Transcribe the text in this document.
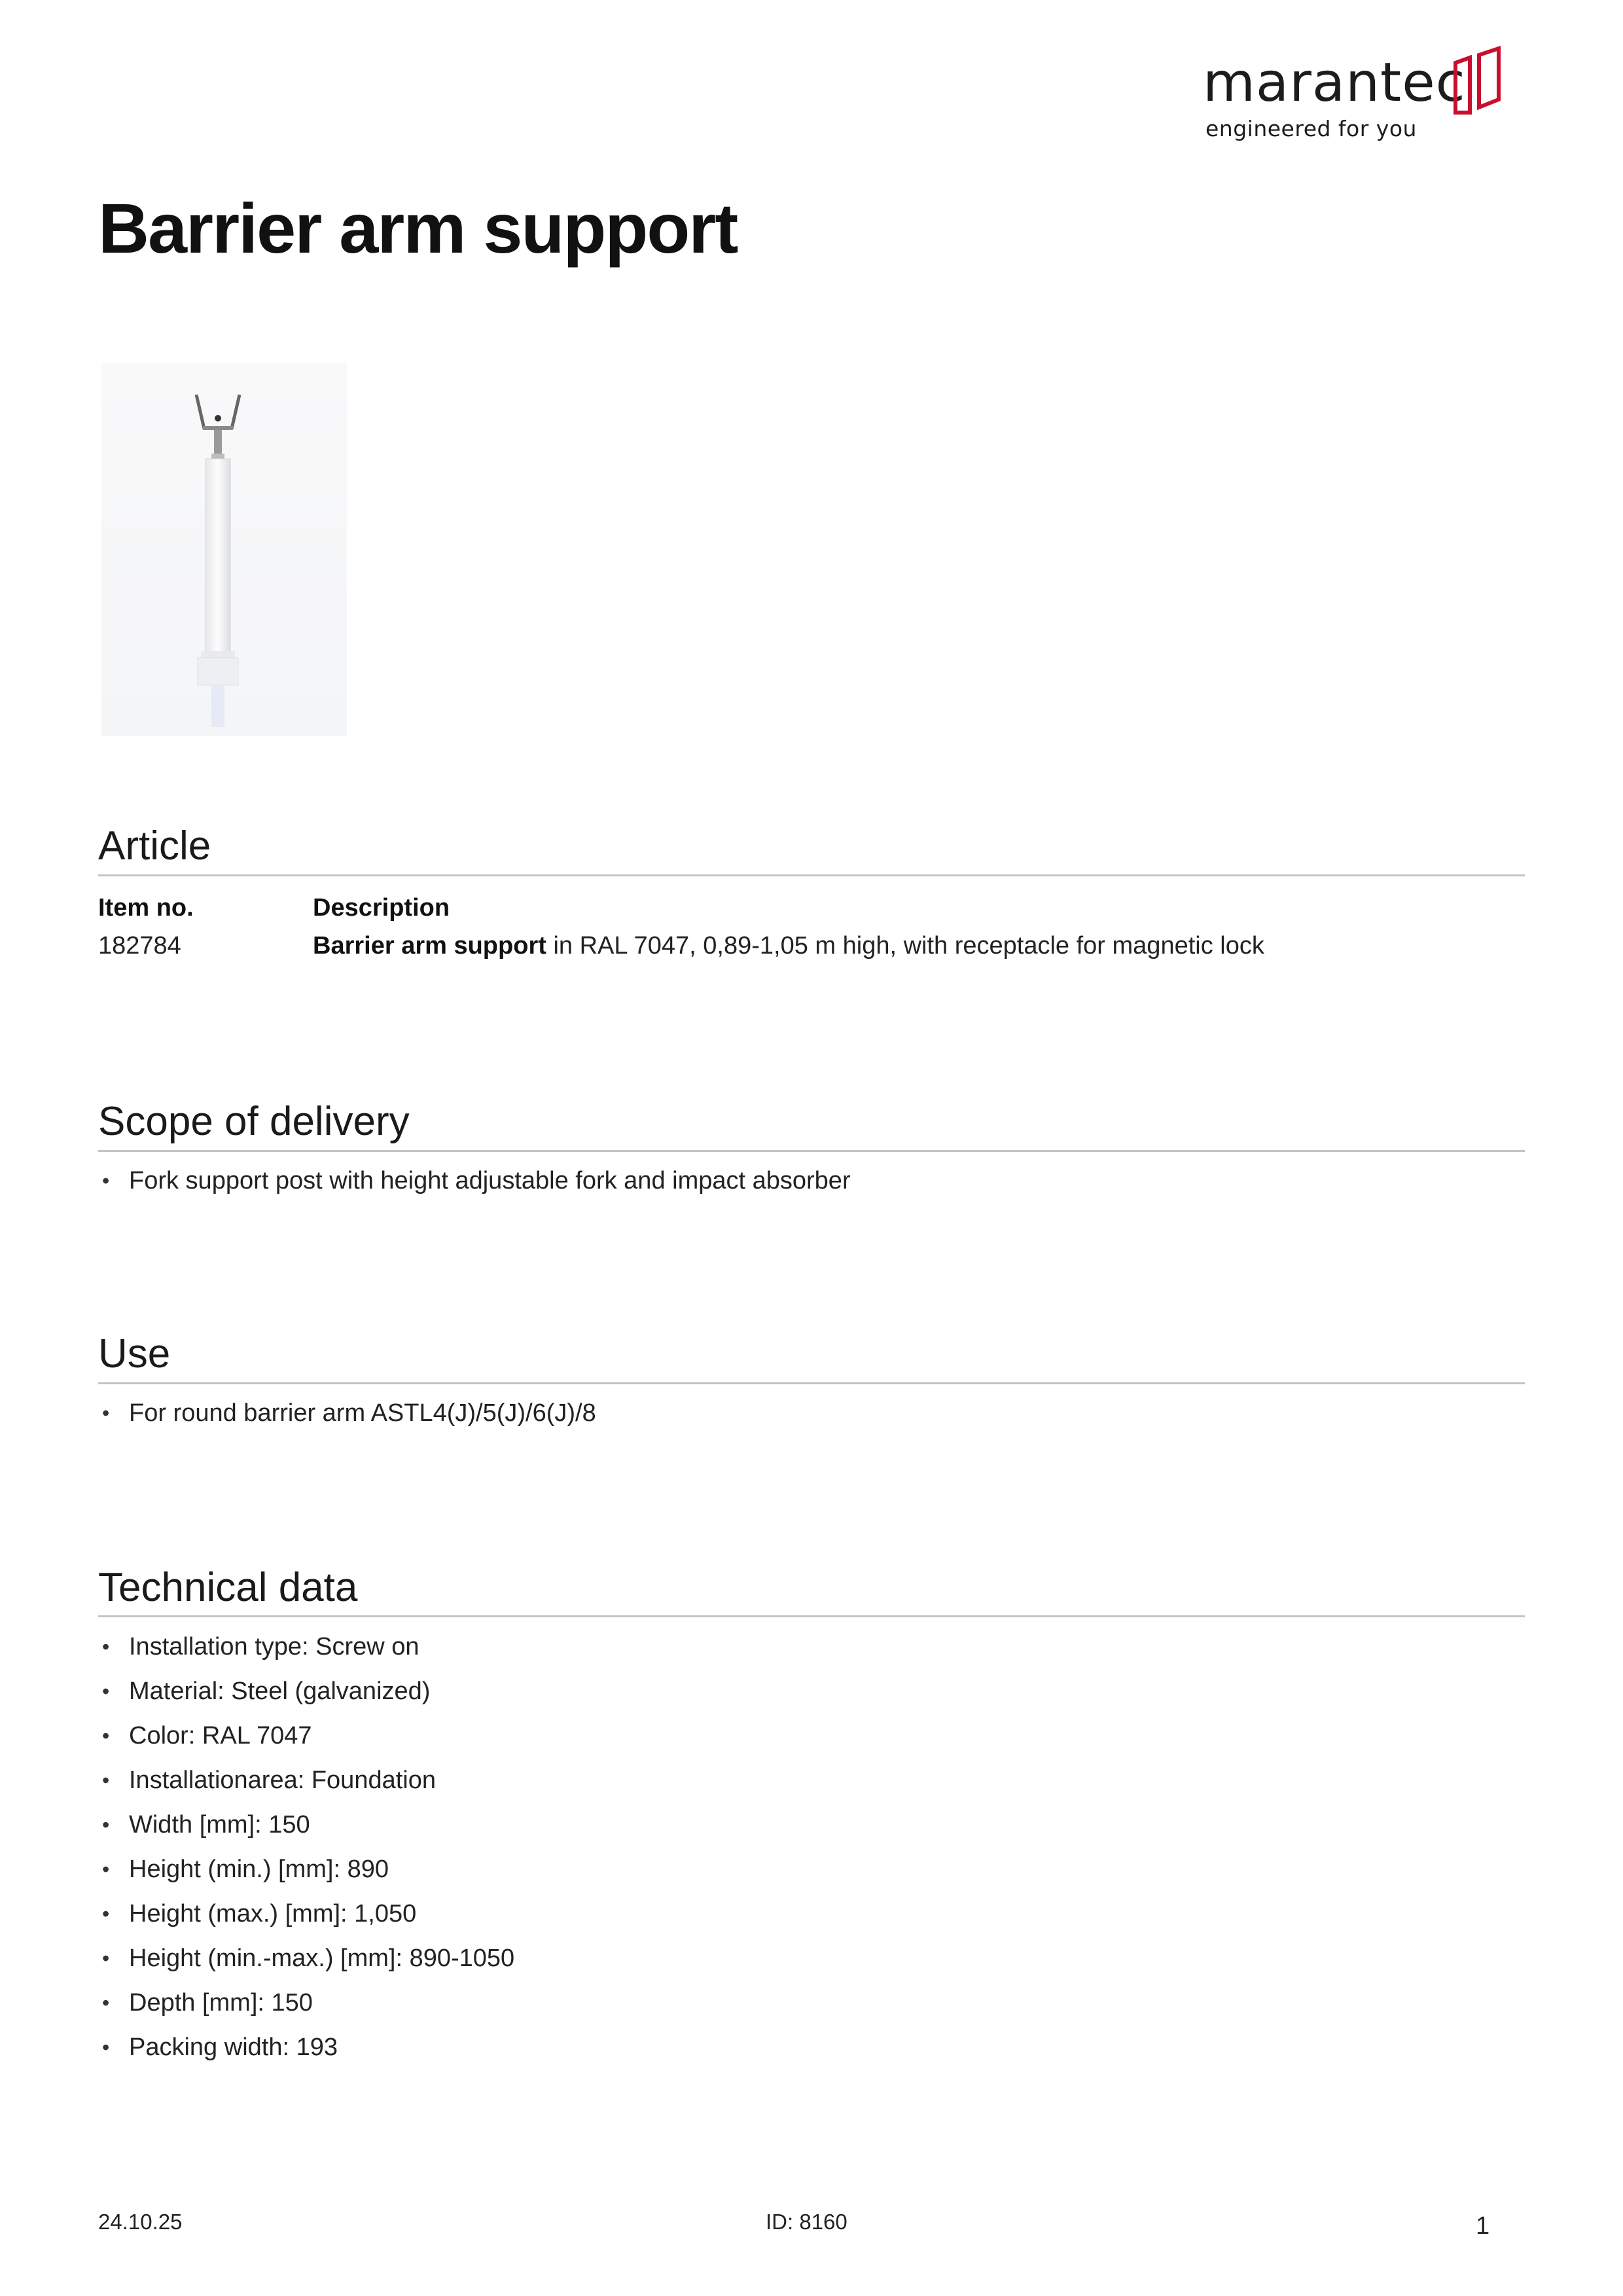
marantec
engineered for you
Barrier arm support
Article
Item no.	Description
182784	Barrier arm support in RAL 7047, 0,89-1,05 m high, with receptacle for magnetic lock
Scope of delivery
• Fork support post with height adjustable fork and impact absorber
Use
• For round barrier arm ASTL4(J)/5(J)/6(J)/8
Technical data
• Installation type: Screw on
• Material: Steel (galvanized)
• Color: RAL 7047
• Installationarea: Foundation
• Width [mm]: 150
• Height (min.) [mm]: 890
• Height (max.) [mm]: 1,050
• Height (min.-max.) [mm]: 890-1050
• Depth [mm]: 150
• Packing width: 193
24.10.25	ID: 8160	1
